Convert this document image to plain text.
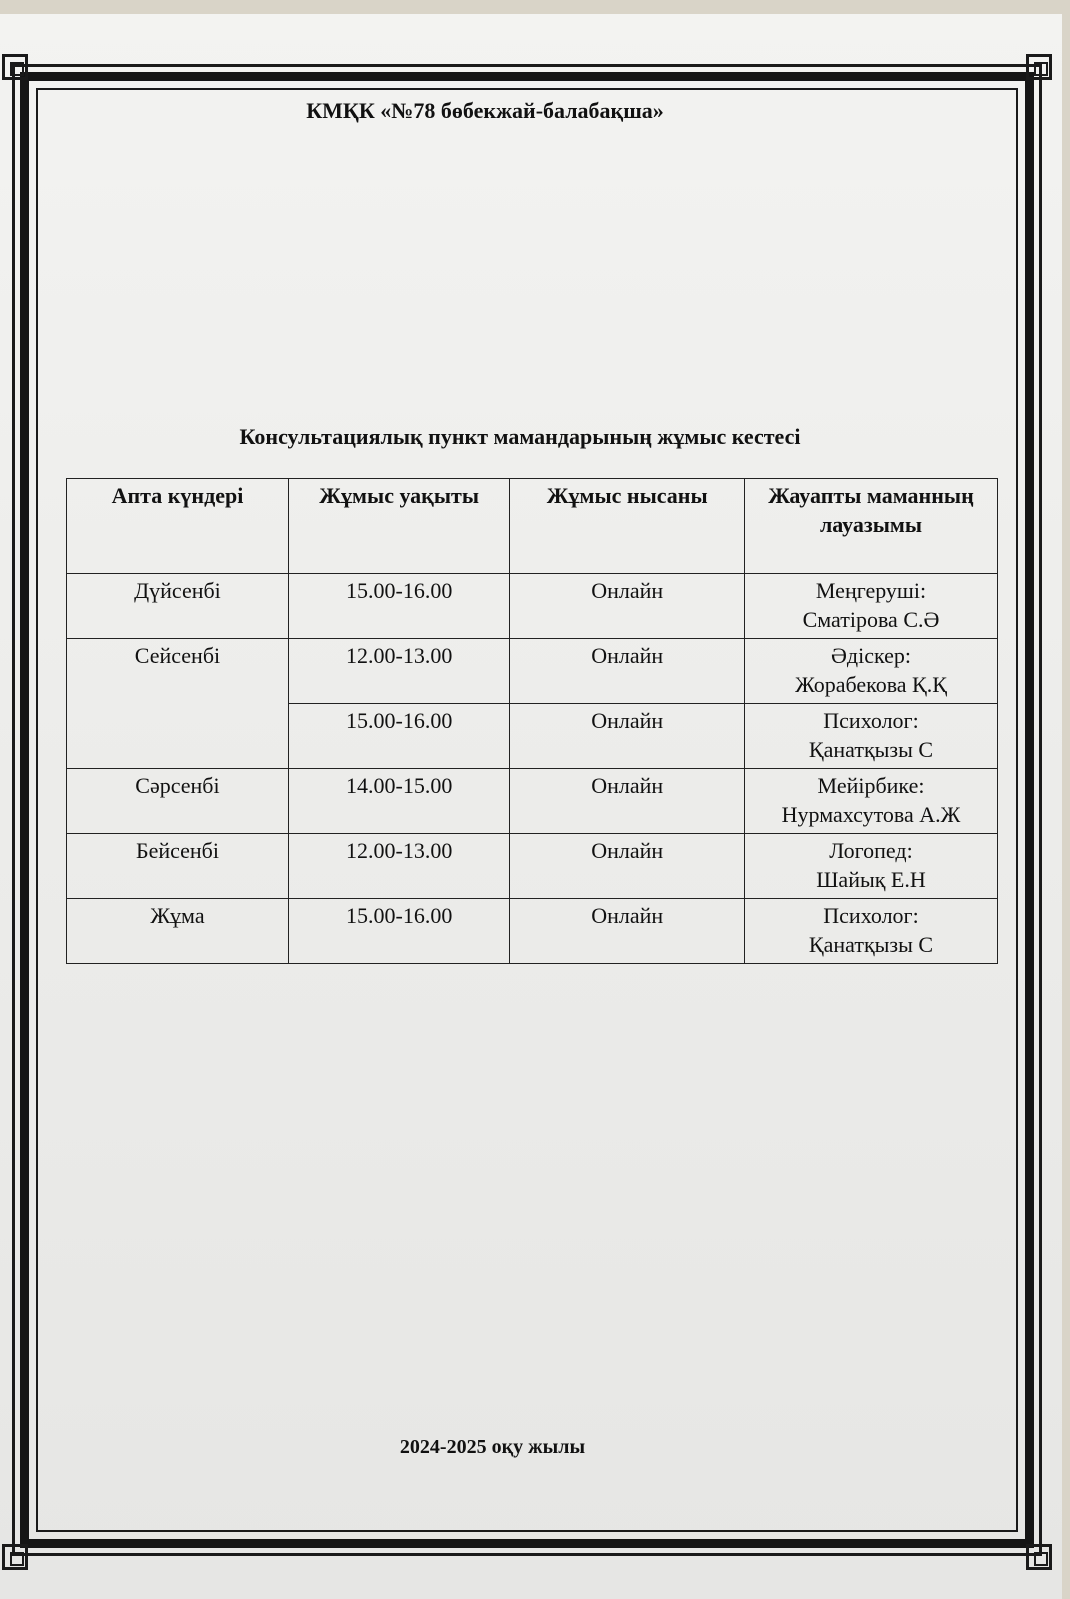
КМҚК «№78 бөбекжай-балабақша»
Консультациялық пункт мамандарының жұмыс кестесі
Апта күндері	Жұмыс уақыты	Жұмыс нысаны	Жауапты маманның лауазымы
Дүйсенбі	15.00-16.00	Онлайн	Меңгеруші:
Сматірова С.Ә

Сейсенбі	12.00-13.00	Онлайн	Әдіскер:
Жорабекова Қ.Қ

	15.00-16.00	Онлайн	Психолог:
Қанатқызы С

Сәрсенбі	14.00-15.00	Онлайн	Мейірбике:
Нурмахсутова А.Ж

Бейсенбі	12.00-13.00	Онлайн	Логопед:
Шайық Е.Н

Жұма	15.00-16.00	Онлайн	Психолог:
Қанатқызы С
2024-2025 оқу жылы
